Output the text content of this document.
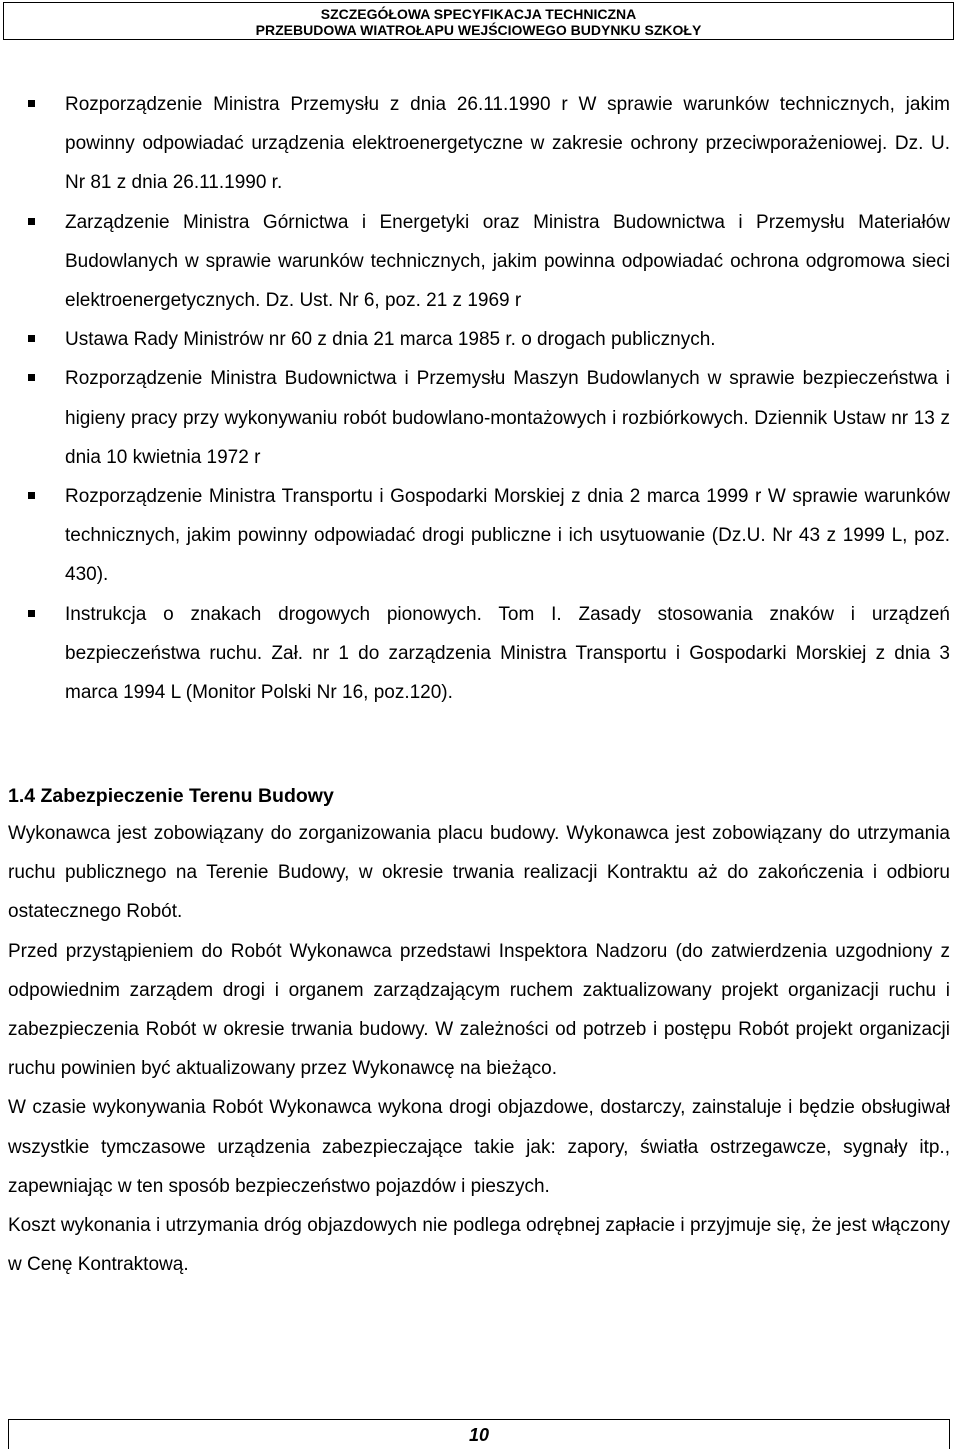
SZCZEGÓŁOWA SPECYFIKACJA TECHNICZNA
PRZEBUDOWA WIATROŁAPU WEJŚCIOWEGO BUDYNKU SZKOŁY
Rozporządzenie Ministra Przemysłu z dnia 26.11.1990 r W sprawie warunków technicznych, jakim powinny odpowiadać urządzenia elektroenergetyczne w zakresie ochrony przeciwporażeniowej. Dz. U. Nr 81 z dnia 26.11.1990 r.
Zarządzenie Ministra Górnictwa i Energetyki oraz Ministra Budownictwa i Przemysłu Materiałów Budowlanych w sprawie warunków technicznych, jakim powinna odpowiadać ochrona odgromowa sieci elektroenergetycznych. Dz. Ust. Nr 6, poz. 21 z 1969 r
Ustawa Rady Ministrów nr 60 z dnia 21 marca 1985 r. o drogach publicznych.
Rozporządzenie Ministra Budownictwa i Przemysłu Maszyn Budowlanych w sprawie bezpieczeństwa i higieny pracy przy wykonywaniu robót budowlano-montażowych i rozbiórkowych. Dziennik Ustaw nr 13 z dnia 10 kwietnia 1972 r
Rozporządzenie Ministra Transportu i Gospodarki Morskiej z dnia 2 marca 1999 r W sprawie warunków technicznych, jakim powinny odpowiadać drogi publiczne i ich usytuowanie (Dz.U. Nr 43 z 1999 L, poz. 430).
Instrukcja o znakach drogowych pionowych. Tom I. Zasady stosowania znaków i urządzeń bezpieczeństwa ruchu. Zał. nr 1 do zarządzenia Ministra Transportu i Gospodarki Morskiej z dnia 3 marca 1994 L (Monitor Polski Nr 16, poz.120).
1.4 Zabezpieczenie Terenu Budowy

Wykonawca jest zobowiązany do zorganizowania placu budowy. Wykonawca jest zobowiązany do utrzymania ruchu publicznego na Terenie Budowy, w okresie trwania realizacji Kontraktu aż do zakończenia i odbioru ostatecznego Robót.

Przed przystąpieniem do Robót Wykonawca przedstawi Inspektora Nadzoru (do zatwierdzenia uzgodniony z odpowiednim zarządem drogi i organem zarządzającym ruchem zaktualizowany projekt organizacji ruchu i zabezpieczenia Robót w okresie trwania budowy. W zależności od potrzeb i postępu Robót projekt organizacji ruchu powinien być aktualizowany przez Wykonawcę na bieżąco.

W czasie wykonywania Robót Wykonawca wykona drogi objazdowe, dostarczy, zainstaluje i będzie obsługiwał wszystkie tymczasowe urządzenia zabezpieczające takie jak: zapory, światła ostrzegawcze, sygnały itp., zapewniając w ten sposób bezpieczeństwo pojazdów i pieszych.

Koszt wykonania i utrzymania dróg objazdowych nie podlega odrębnej zapłacie i przyjmuje się, że jest włączony w Cenę Kontraktową.

10
